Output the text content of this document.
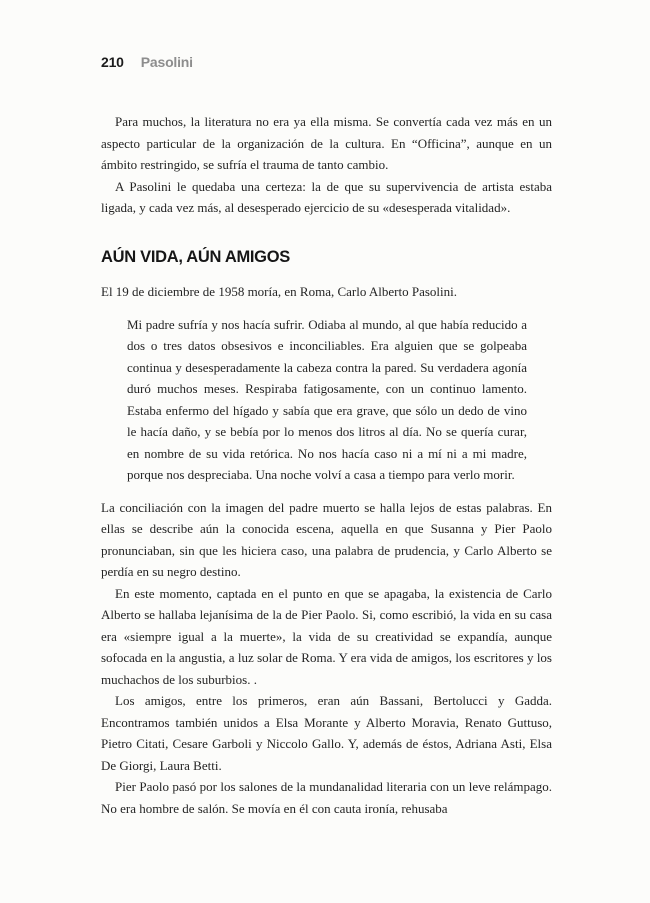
210 Pasolini

Para muchos, la literatura no era ya ella misma. Se convertía cada vez más en un aspecto particular de la organización de la cultura. En “Officina”, aunque en un ámbito restringido, se sufría el trauma de tanto cambio.

A Pasolini le quedaba una certeza: la de que su supervivencia de artista estaba ligada, y cada vez más, al desesperado ejercicio de su «desesperada vitalidad».

AÚN VIDA, AÚN AMIGOS

El 19 de diciembre de 1958 moría, en Roma, Carlo Alberto Pasolini.

Mi padre sufría y nos hacía sufrir. Odiaba al mundo, al que había reducido a dos o tres datos obsesivos e inconciliables. Era alguien que se golpeaba continua y desesperadamente la cabeza contra la pared. Su verdadera agonía duró muchos meses. Respiraba fatigosamente, con un continuo lamento. Estaba enfermo del hígado y sabía que era grave, que sólo un dedo de vino le hacía daño, y se bebía por lo menos dos litros al día. No se quería curar, en nombre de su vida retórica. No nos hacía caso ni a mí ni a mi madre, porque nos despreciaba. Una noche volví a casa a tiempo para verlo morir.

La conciliación con la imagen del padre muerto se halla lejos de estas palabras. En ellas se describe aún la conocida escena, aquella en que Susanna y Pier Paolo pronunciaban, sin que les hiciera caso, una palabra de prudencia, y Carlo Alberto se perdía en su negro destino.

En este momento, captada en el punto en que se apagaba, la existencia de Carlo Alberto se hallaba lejanísima de la de Pier Paolo. Si, como escribió, la vida en su casa era «siempre igual a la muerte», la vida de su creatividad se expandía, aunque sofocada en la angustia, a luz solar de Roma. Y era vida de amigos, los escritores y los muchachos de los suburbios. .

Los amigos, entre los primeros, eran aún Bassani, Bertolucci y Gadda. Encontramos también unidos a Elsa Morante y Alberto Moravia, Renato Guttuso, Pietro Citati, Cesare Garboli y Niccolo Gallo. Y, además de éstos, Adriana Asti, Elsa De Giorgi, Laura Betti.

Pier Paolo pasó por los salones de la mundanalidad literaria con un leve relámpago. No era hombre de salón. Se movía en él con cauta ironía, rehusaba
